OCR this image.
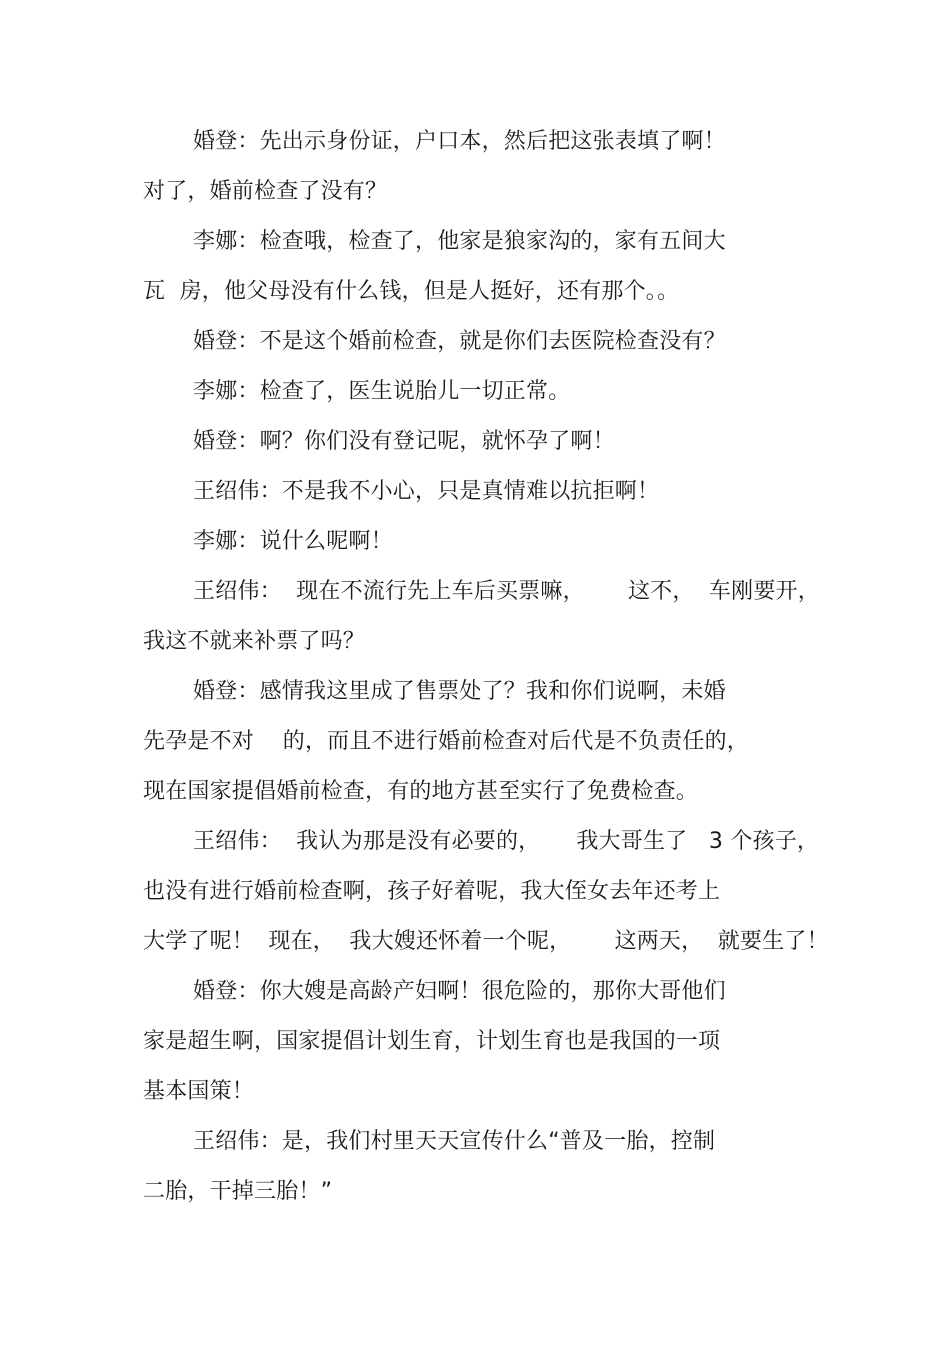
婚登：先出示身份证，户口本，然后把这张表填了啊！
对了，婚前检查了没有？
李娜：检查哦，检查了，他家是狼家沟的，家有五间大
瓦  房，他父母没有什么钱，但是人挺好，还有那个。。
婚登：不是这个婚前检查，就是你们去医院检查没有？
李娜：检查了，医生说胎儿一切正常。
婚登：啊？你们没有登记呢，就怀孕了啊！
王绍伟：不是我不小心，只是真情难以抗拒啊！
李娜：说什么呢啊！
王绍伟：  现在不流行先上车后买票嘛，      这不，  车刚要开，
我这不就来补票了吗？
婚登：感情我这里成了售票处了？我和你们说啊，未婚
先孕是不对    的，而且不进行婚前检查对后代是不负责任的，
现在国家提倡婚前检查，有的地方甚至实行了免费检查。
王绍伟：  我认为那是没有必要的，     我大哥生了   3 个孩子，
也没有进行婚前检查啊，孩子好着呢，我大侄女去年还考上
大学了呢！  现在，  我大嫂还怀着一个呢，      这两天，  就要生了！
婚登：你大嫂是高龄产妇啊！很危险的，那你大哥他们
家是超生啊，国家提倡计划生育，计划生育也是我国的一项
基本国策！
王绍伟：是，我们村里天天宣传什么“普及一胎，控制
二胎，干掉三胎！”
